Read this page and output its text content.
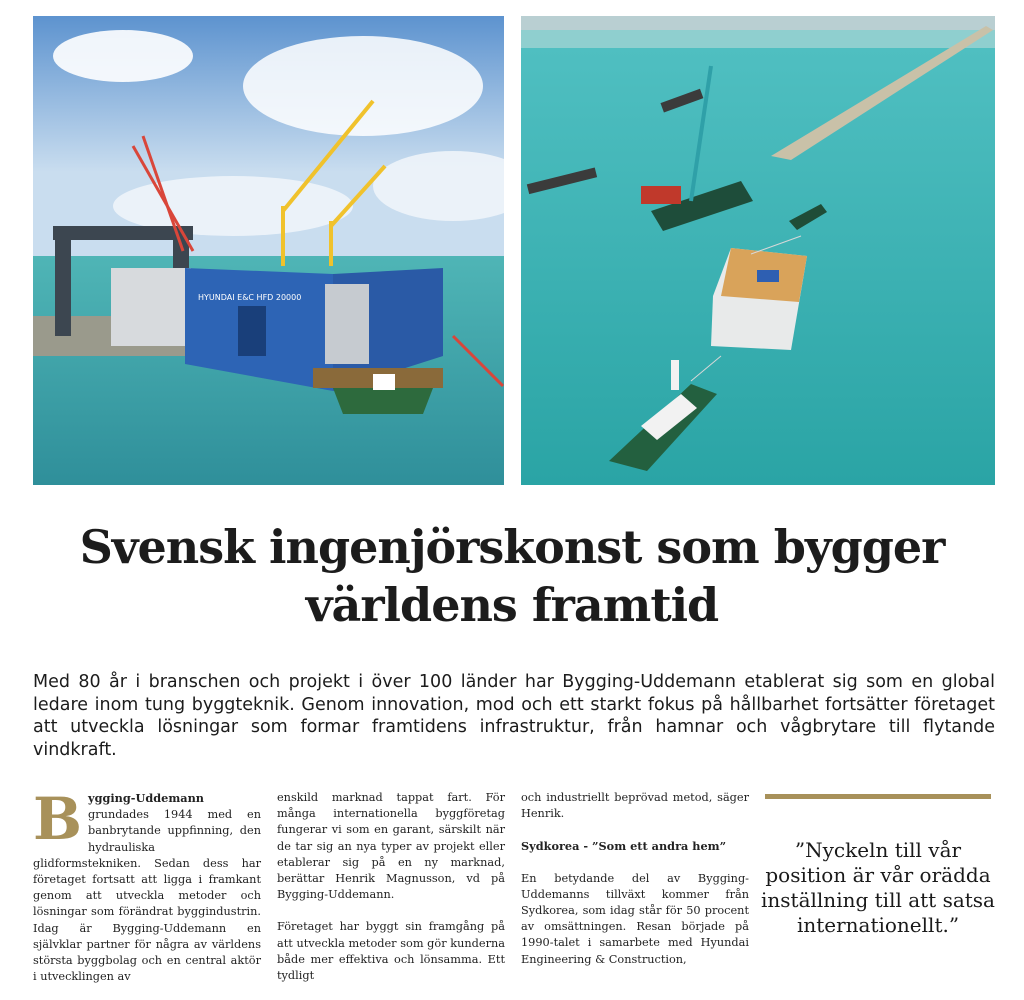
HYUNDAI E&C HFD 20000
Svensk ingenjörskonst som bygger världens framtid

Med 80 år i branschen och projekt i över 100 länder har Bygging-Uddemann etablerat sig som en global ledare inom tung byggteknik. Genom innovation, mod och ett starkt fokus på hållbarhet fortsätter företaget att utveckla lösningar som formar framtidens infrastruktur, från hamnar och vågbrytare till flytande vindkraft.

B ygging-Uddemann grundades 1944 med en banbrytande uppfinning, den hydrauliska glidformstekniken. Sedan dess har företaget fortsatt att ligga i framkant genom att utveckla metoder och lösningar som förändrat byggindustrin. Idag är Bygging-Uddemann en självklar partner för några av världens största byggbolag och en central aktör i utvecklingen av

enskild marknad tappat fart. För många internationella byggföretag fungerar vi som en garant, särskilt när de tar sig an nya typer av projekt eller etablerar sig på en ny marknad, berättar Henrik Magnusson, vd på Bygging-Uddemann.

Företaget har byggt sin framgång på att utveckla metoder som gör kunderna både mer effektiva och lönsamma. Ett tydligt

och industriellt beprövad metod, säger Henrik.

Sydkorea - ”Som ett andra hem”

En betydande del av Bygging-Uddemanns tillväxt kommer från Sydkorea, som idag står för 50 procent av omsättningen. Resan började på 1990-talet i samarbete med Hyundai Engineering & Construction,

”Nyckeln till vår position är vår orädda inställning till att satsa internationellt.”
